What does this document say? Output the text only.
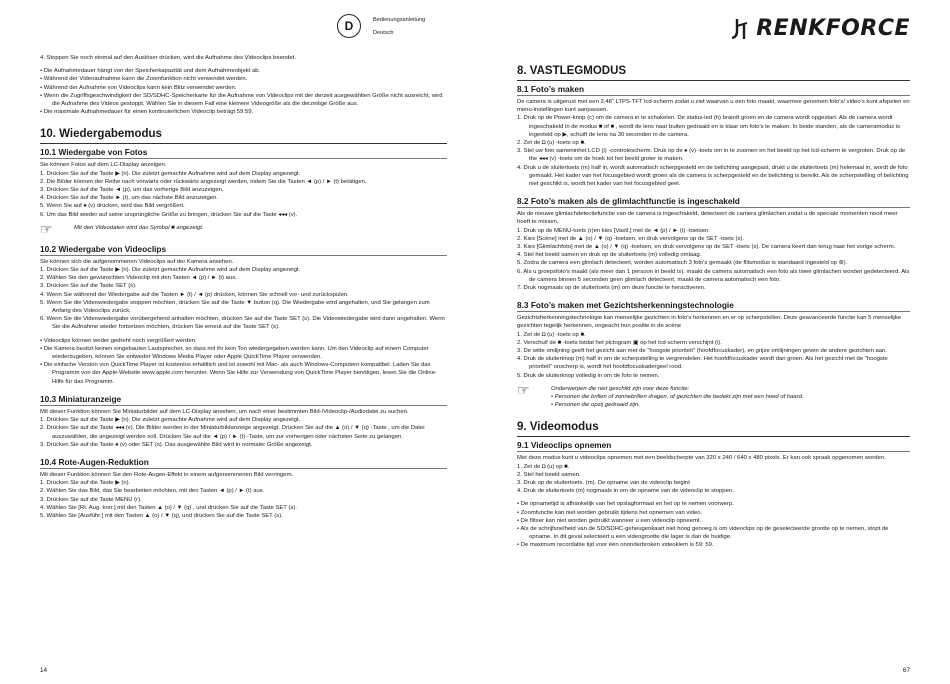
D	Bedienungsanleitung
Deutsch

4. Stoppen Sie noch einmal auf den Auslöser drücken, wird die Aufnahme des Videoclips beendet.

• Die Aufnahmedauer hängt von der Speicherkapazität und dem Aufnahmeobjekt ab.
• Während der Videoaufnahme kann die Zoomfunktion nicht verwendet werden.
• Während der Aufnahme von Videoclips kann kein Blitz verwendet werden.
• Wenn die Zugriffsgeschwindigkeit der SD/SDHC-Speicherkarte für die Aufnahme von Videoclips mit der derzeit ausgewählten Größe nicht ausreicht, wird die Aufnahme des Videos gestoppt. Wählen Sie in diesem Fall eine kleinere Videogröße als die derzeitige Größe aus.
• Die maximale Aufnahmedauer für einen kontinuierlichen Videoclip beträgt 59:59.
10. Wiedergabemodus
10.1 Wiedergabe von Fotos

Sie können Fotos auf dem LC-Display anzeigen.

1. Drücken Sie auf die Taste ▶ (n). Die zuletzt gemachte Aufnahme wird auf dem Display angezeigt.
2. Die Bilder können der Reihe nach vorwärts oder rückwärts angezeigt werden, indem Sie die Tasten ◄ (p) / ► (t) betätigen.
3. Drücken Sie auf die Taste ◄ (p), um das vorherige Bild anzuzeigen.
4. Drücken Sie auf die Taste ► (t), um das nächste Bild anzuzeigen.
5. Wenn Sie auf ♠ (v) drücken, wird das Bild vergrößert.
6. Um das Bild wieder auf seine ursprüngliche Größe zu bringen, drücken Sie auf die Taste ◂◂◂ (v).
☞	Mit den Videodaten wird das Symbol ■ angezeigt.
10.2 Wiedergabe von Videoclips

Sie können sich die aufgenommenen Videoclips auf der Kamera ansehen.

1. Drücken Sie auf die Taste ▶ (n). Die zuletzt gemachte Aufnahme wird auf dem Display angezeigt.
2. Wählen Sie den gewünschten Videoclip mit den Tasten ◄ (p) / ► (t) aus.
3. Drücken Sie auf die Taste SET (s).
4. Wenn Sie während der Wiedergabe auf die Tasten ► (t) / ◄ (p) drücken, können Sie schnell vor- und zurückspulen.
5. Wenn Sie die Videowiedergabe stoppen möchten, drücken Sie auf die Taste ▼ button (q). Die Wiedergabe wird angehalten, und Sie gelangen zum Anfang des Videoclips zurück.
6. Wenn Sie die Videowiedergabe vorübergehend anhalten möchten, drücken Sie auf die Taste SET (s). Die Videowiedergabe wird dann angehalten. Wenn Sie die Aufnahme wieder fortsetzen möchten, drücken Sie erneut auf die Taste SET (s).
• Videoclips können weder gedreht noch vergrößert werden.
• Die Kamera besitzt keinen eingebauten Lautsprecher, so dass mit ihr kein Ton wiedergegeben werden kann. Um den Videoclip auf einem Computer wiederzugeben, können Sie entweder Windows Media Player oder Apple QuickTime Player verwenden.
• Die einfache Version von QuickTime Player ist kostenlos erhältlich und ist sowohl mit Mac- als auch Windows-Computern kompatibel. Laden Sie das Programm von der Apple-Website www.apple.com herunter. Wenn Sie Hilfe zur Verwendung von QuickTime Player benötigen, lesen Sie die Online-Hilfe für das Programm.
10.3 Miniaturanzeige

Mit dieser Funktion können Sie Miniaturbilder auf dem LC-Display ansehen, um nach einer bestimmten Bild-/Videoclip-/Audiodatei zu suchen.

1. Drücken Sie auf die Taste ▶ (n). Die zuletzt gemachte Aufnahme wird auf dem Display angezeigt.
2. Drücken Sie auf die Taste ◂◂◂ (v). Die Bilder werden in der Miniaturbildanzeige angezeigt. Drücken Sie auf die ▲ (o) / ▼ (q) -Taste , um die Datei auszuwählen, die angezeigt werden soll. Drücken Sie auf die ◄ (p) / ► (t) -Taste, um zur vorherigen oder nächsten Seite zu gelangen.
3. Drücken Sie auf die Taste ♠ (v) oder SET (s). Das ausgewählte Bild wird in normaler Größe angezeigt.
10.4 Rote-Augen-Reduktion

Mit dieser Funktion können Sie den Rote-Augen-Effekt in einem aufgenommenen Bild verringern.

1. Drücken Sie auf die Taste ▶ (n).
2. Wählen Sie das Bild, das Sie bearbeiten möchten, mit den Tasten ◄ (p) / ► (t) aus.
3. Drücken Sie auf die Taste MENU (r).
4. Wählen Sie [Rt. Aug. korr.] mit den Tasten ▲ (o) / ▼ (q) , und drücken Sie auf die Taste SET (s).
5. Wählen Sie [Ausführ.] mit den Tasten ▲ (o) / ▼ (q), und drücken Sie auf die Taste SET (s).
14
RENKFORCE
8. VASTLEGMODUS
8.1 Foto’s maken

De camera is uitgerust met een 2,48” LTPS-TFT lcd-scherm zodat u ziet waarvan u een foto maakt, waarmee genomen foto's/ video's kunt afspelen en menu-instellingen kunt aanpassen.

1. Druk op de Power-knop (c) om de camera in te schakelen. De status-led (h) brandt groen en de camera wordt opgestart. Als de camera wordt ingeschakeld in de modus ■ of ■ , wordt de lens naar buiten gedraaid en is klaar om foto's te maken. In beide standen, als de cameramodus is ingesteld op ▶, schuift de lens na 30 seconden in de camera.
2. Zet de ◘ (u) -toets op ■.
3. Stel uw foto sameninhet LCD (i) -controlescherm. Druk op de ♠ (v) -toets om in te zoomen en het beeld op het lcd-scherm te vergroten. Druk op de the ◂◂◂ (v) -toets om de hoek tot het beeld groter te maken.
4. Druk u de sluitertoets (m) half in, wordt automatisch scherpgesteld en de belichting aangepast, drukt u de sluitertoets (m) helemaal in, wordt de foto gemaakt. Het kader van het focusgebied wordt groen als de camera is scherpgesteld en de belichting is bereikt. Als de scherpstelling of belichting niet geschikt is, wordt het kader van het focusgebied geel.
8.2 Foto’s maken als de glimlachtfunctie is ingeschakeld

Als de nieuwe glimlachdetectiefunctie van de camera is ingeschakeld, detecteert de camera glimlachen zodat u de speciale momenten nooit meer hoeft te missen.

1. Druk op de MENU-toets (r)en kies [Vastl.] met de ◄ (p) / ► (t) -toetsen.
2. Kies [Scène] met de ▲ (o) / ▼ (q) -toetsen, en druk vervolgens op de SET -toets (s).
3. Kies [Glimlachfoto] met de ▲ (o) / ▼ (q) -toetsen, en druk vervolgens op de SET -toets (s). De camera keert dan terug naar het vorige scherm.
4. Stel het beeld samen en druk op de sluitertoets (m) volledig omlaag.
5. Zodra de camera een glimlach detecteert, worden automatisch 3 foto's gemaakt (de flitsmodus is standaard ingesteld op ⊛).
6. Als u groepsfoto's maakt (als meer dan 1 persoon in beeld is), maakt de camera automatisch een foto als twee glimlachen worden gedetecteerd. Als de camera binnen 5 seconden geen glimlach detecteert, maakt de camera automatisch een foto.
7. Druk nogmaals op de sluitertoets (m) om deze functie te heractiveren.
8.3 Foto’s maken met Gezichtsherkenningstechnologie

Gezichtsherkenningstechnologie kan menselijke gezichten in foto's herkennen en er op scherpstellen. Deze geavanceerde functie kan 5 menselijke gezichten tegelijk herkennen, ongeacht hun positie in de scène

1. Zet de ◘ (u) -toets op ■.
2. Verschuif de ■ -toets totdat het pictogram ▣ op het lcd-scherm verschijnt (i).
3. De witte omlijning geeft het gezicht aan met de "hoogste prioriteit" (hoofdfocuskader), en grijze omlijningen geven de andere gezichten aan.
4. Druk de sluiterknop (m) half in om de scherpstelling te vergrendelen. Het hoofdfocuskader wordt dan groen. Als het gezicht met de "hoogste prioriteit" onscherp is, wordt het hoofdfocuskadergeel rood.
5. Druk de sluiterknop volledig in om de foto te nemen.
☞	Onderwerpen die niet geschikt zijn voor deze functie:
• Personen die brillen of zonnebrillen dragen, of gezichten die bedekt zijn met een hoed of haard.
• Personen die opzij gedraaid zijn.
9. Videomodus
9.1 Videoclips opnemen

Met deze modus kunt u videoclips opnemen met een beeldscherpte van 320 x 240 / 640 x 480 pixels. Er kan ook spraak opgenomen worden.

1. Zet de ◘ (u) op ■.
2. Stel het beeld samen.
3. Druk op de sluitertoets. (m). De opname van de videoclip begint
4. Druk de sluitertoets (m) nogmaals in om de opname van de videoclip te stoppen.
• De opnametijd is afhankelijk van het opslagformaat en het op te nemen voorwerp.
• Zoomfunctie kan niet worden gebruikt tijdens het opnemen van video.
• De flitser kan niet worden gebruikt wanneer u een videoclip opneemt.
• Als de schrijfsnelheid van de SD/SDHC-geheugenkaart niet hoog genoeg is om videoclips op de geselecteerde grootte op te nemen, stopt de opname. In dit geval selecteert u een videogrootte die lager is dan de huidige.
• De maximum recordable tijd voor één ononderbroken videoklem is 59: 59.
67
